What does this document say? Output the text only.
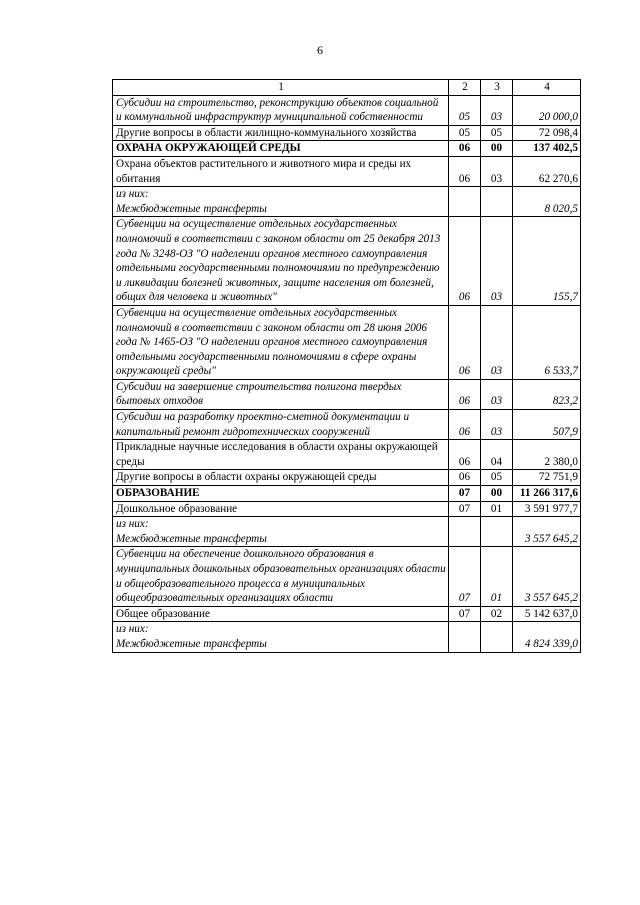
6
1	2	3	4
Субсидии на строительство, реконструкцию объектов социальной и коммунальной инфраструктур муниципальной собственности	05	03	20 000,0
Другие вопросы в области жилищно-коммунального хозяйства	05	05	72 098,4
ОХРАНА ОКРУЖАЮЩЕЙ СРЕДЫ	06	00	137 402,5
Охрана объектов растительного и животного мира и среды их обитания	06	03	62 270,6
из них:
Межбюджетные трансферты			8 020,5
Субвенции на осуществление отдельных государственных полномочий в соответствии с законом области от 25 декабря 2013 года № 3248-ОЗ "О наделении органов местного самоуправления отдельными государственными полномочиями по предупреждению и ликвидации болезней животных, защите населения от болезней, общих для человека и животных"	06	03	155,7
Субвенции на осуществление отдельных государственных полномочий в соответствии с законом области от 28 июня 2006 года № 1465-ОЗ "О наделении органов местного самоуправления отдельными государственными полномочиями в сфере охраны окружающей среды"	06	03	6 533,7
Субсидии на завершение строительства полигона твердых бытовых отходов	06	03	823,2
Субсидии на разработку проектно-сметной документации и капитальный ремонт гидротехнических сооружений	06	03	507,9
Прикладные научные исследования в области охраны окружающей среды	06	04	2 380,0
Другие вопросы в области охраны окружающей среды	06	05	72 751,9
ОБРАЗОВАНИЕ	07	00	11 266 317,6
Дошкольное образование	07	01	3 591 977,7
из них:
Межбюджетные трансферты			3 557 645,2
Субвенции на обеспечение дошкольного образования в муниципальных дошкольных образовательных организациях области и общеобразовательного процесса в муниципальных общеобразовательных организациях области	07	01	3 557 645,2
Общее образование	07	02	5 142 637,0
из них:
Межбюджетные трансферты			4 824 339,0
